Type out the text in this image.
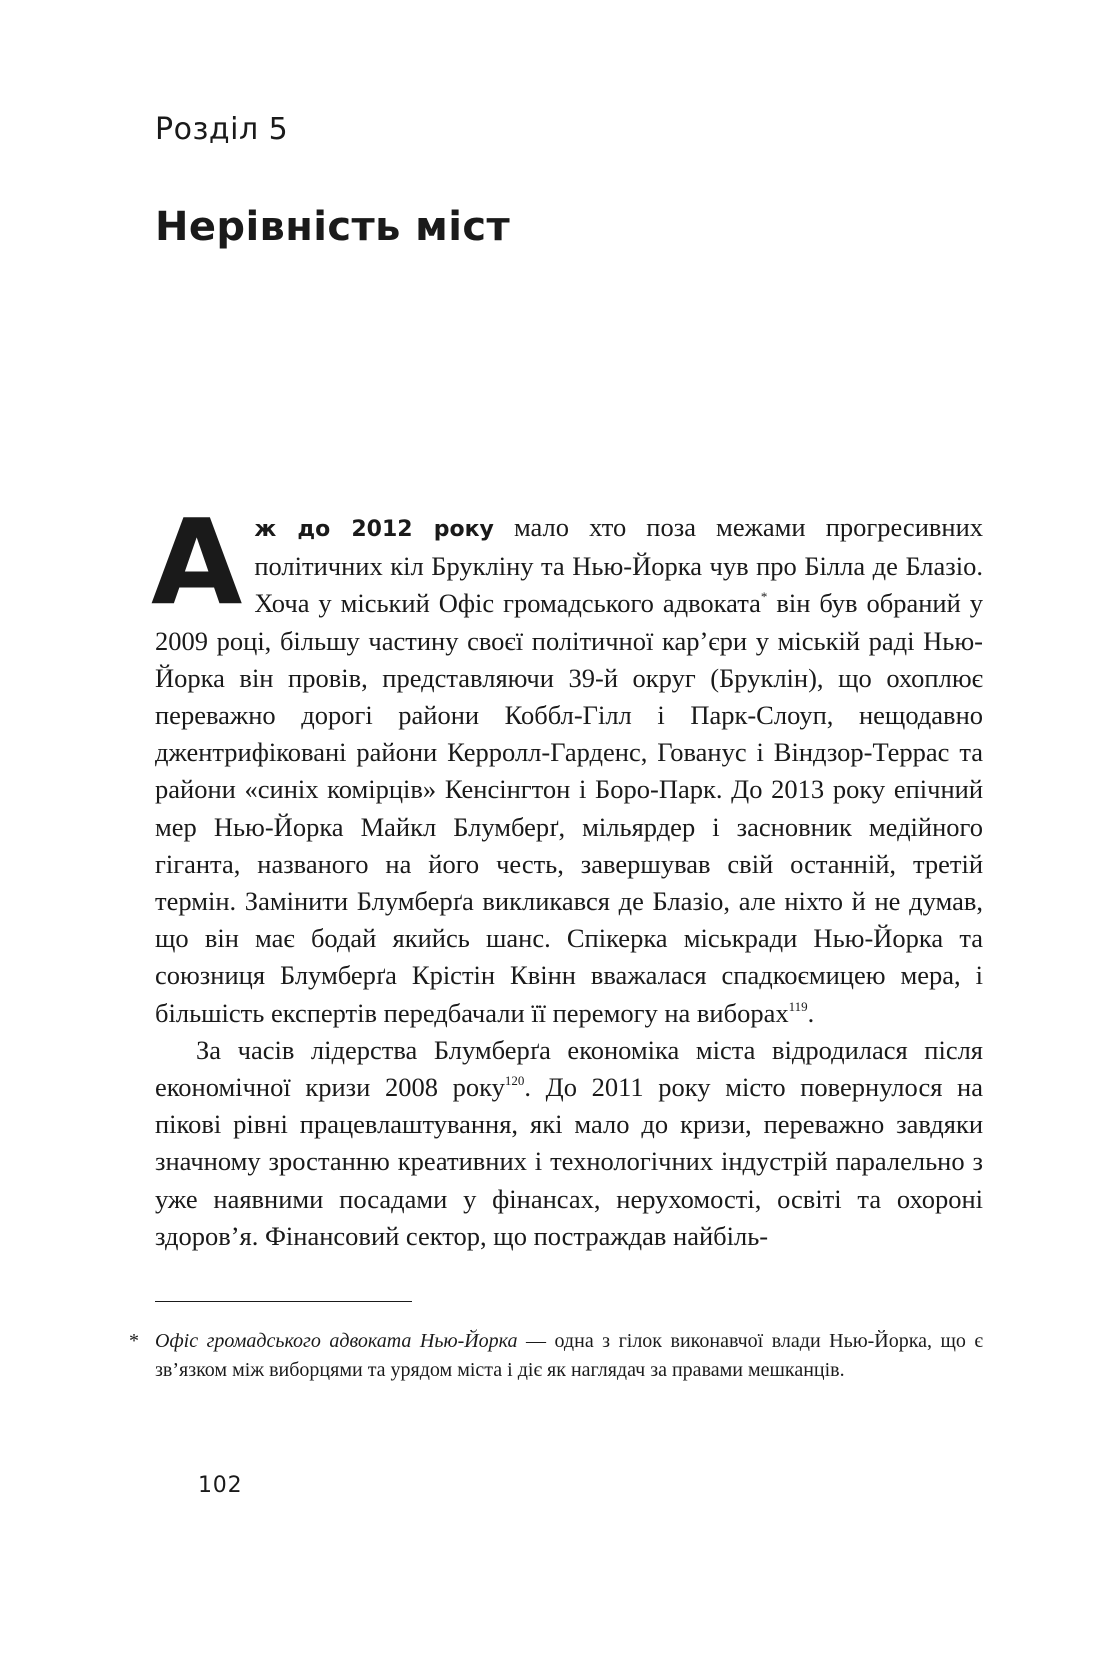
Розділ 5
Нерівність міст

Аж до 2012 року мало хто поза межами прогресивних політичних кіл Брукліну та Нью-Йорка чув про Білла де Блазіо. Хоча у міський Офіс громадського адвоката* він був обраний у 2009 році, більшу частину своєї політичної кар’єри у міській раді Нью-Йорка він провів, представляючи 39-й округ (Бруклін), що охоплює переважно дорогі райони Коббл-Гілл і Парк-Слоуп, нещодавно джентрифіковані райони Керролл-Гарденс, Гованус і Віндзор-Террас та райони «синіх комірців» Кенсінгтон і Боро-Парк. До 2013 року епічний мер Нью-Йорка Майкл Блумберґ, мільярдер і засновник медійного гіганта, названого на його честь, завершував свій останній, третій термін. Замінити Блумберґа викликався де Блазіо, але ніхто й не думав, що він має бодай якийсь шанс. Спікерка міськради Нью-Йорка та союзниця Блумберґа Крістін Квінн вважалася спадкоємицею мера, і більшість експертів передбачали її перемогу на виборах$^{119}$.

За часів лідерства Блумберґа економіка міста відродилася після економічної кризи 2008 року$^{120}$. До 2011 року місто повернулося на пікові рівні працевлаштування, які мало до кризи, переважно завдяки значному зростанню креативних і технологічних індустрій паралельно з уже наявними посадами у фінансах, нерухомості, освіті та охороні здоров’я. Фінансовий сектор, що постраждав найбіль-

* Офіс громадського адвоката Нью-Йорка — одна з гілок виконавчої влади Нью-Йорка, що є зв’язком між виборцями та урядом міста і діє як наглядач за правами мешканців.

102
